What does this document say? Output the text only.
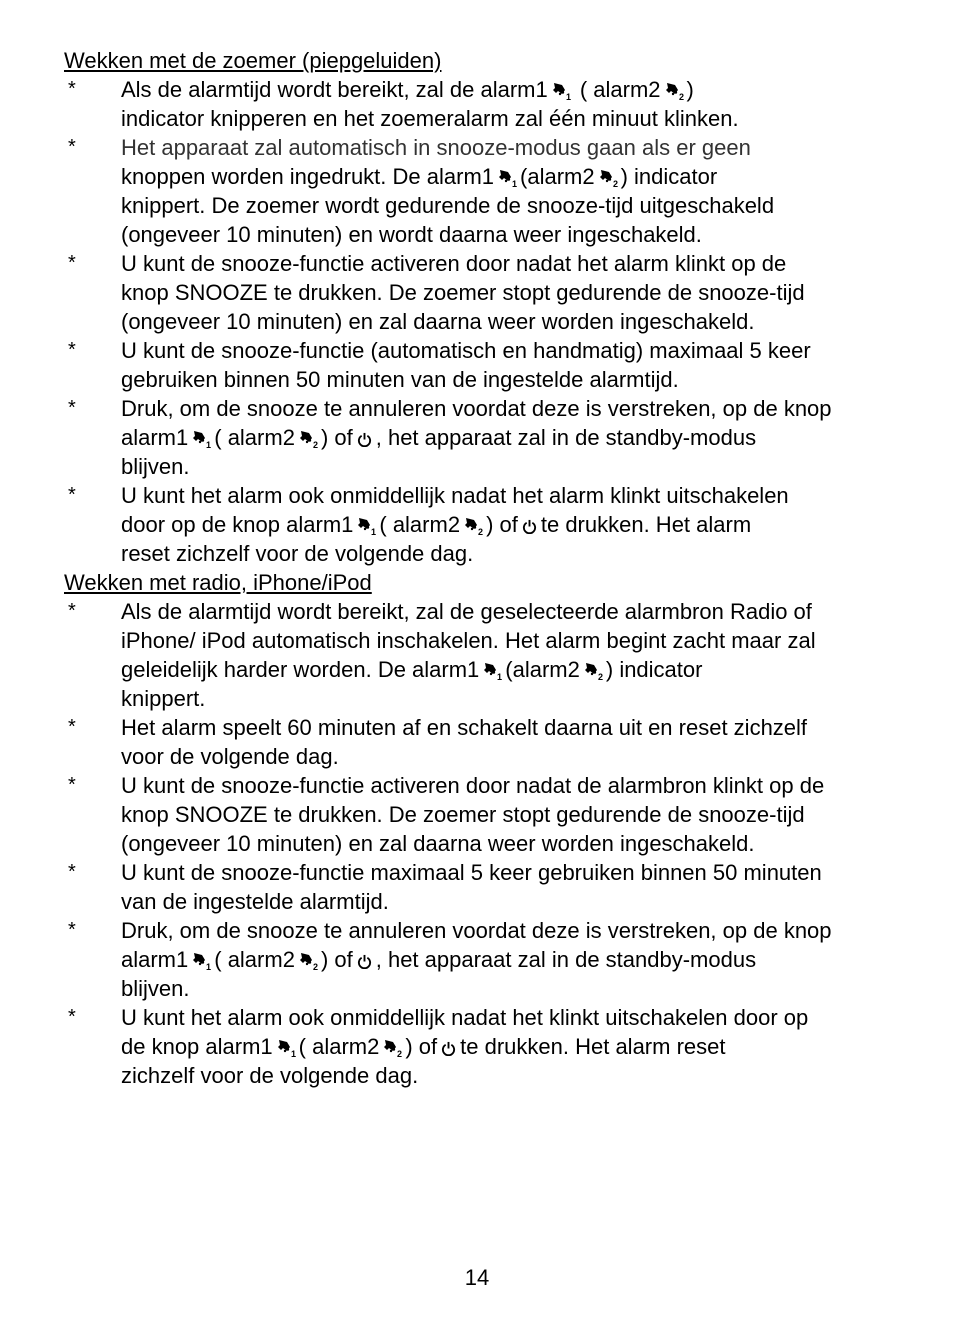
Wekken met de zoemer (piepgeluiden)
* Als de alarmtijd wordt bereikt, zal de alarm1 1 ( alarm2 2 )
indicator knipperen en het zoemeralarm zal één minuut klinken.
* Het apparaat zal automatisch in snooze-modus gaan als er geen
knoppen worden ingedrukt. De alarm1 1 (alarm2 2 ) indicator
knippert. De zoemer wordt gedurende de snooze-tijd uitgeschakeld
(ongeveer 10 minuten) en wordt daarna weer ingeschakeld.
* U kunt de snooze-functie activeren door nadat het alarm klinkt op de
knop SNOOZE te drukken. De zoemer stopt gedurende de snooze-tijd
(ongeveer 10 minuten) en zal daarna weer worden ingeschakeld.
* U kunt de snooze-functie (automatisch en handmatig) maximaal 5 keer
gebruiken binnen 50 minuten van de ingestelde alarmtijd.
* Druk, om de snooze te annuleren voordat deze is verstreken, op de knop
alarm1 1 ( alarm2 2 ) of , het apparaat zal in de standby-modus
blijven.
* U kunt het alarm ook onmiddellijk nadat het alarm klinkt uitschakelen
door op de knop alarm1 1 ( alarm2 2 ) of te drukken. Het alarm
reset zichzelf voor de volgende dag.
Wekken met radio, iPhone/iPod
* Als de alarmtijd wordt bereikt, zal de geselecteerde alarmbron Radio of
iPhone/ iPod automatisch inschakelen. Het alarm begint zacht maar zal
geleidelijk harder worden. De alarm1 1 (alarm2 2 ) indicator
knippert.
* Het alarm speelt 60 minuten af en schakelt daarna uit en reset zichzelf
voor de volgende dag.
* U kunt de snooze-functie activeren door nadat de alarmbron klinkt op de
knop SNOOZE te drukken. De zoemer stopt gedurende de snooze-tijd
(ongeveer 10 minuten) en zal daarna weer worden ingeschakeld.
* U kunt de snooze-functie maximaal 5 keer gebruiken binnen 50 minuten
van de ingestelde alarmtijd.
* Druk, om de snooze te annuleren voordat deze is verstreken, op de knop
alarm1 1 ( alarm2 2 ) of , het apparaat zal in de standby-modus
blijven.
* U kunt het alarm ook onmiddellijk nadat het klinkt uitschakelen door op
de knop alarm1 1 ( alarm2 2 ) of te drukken. Het alarm reset
zichzelf voor de volgende dag.
14
